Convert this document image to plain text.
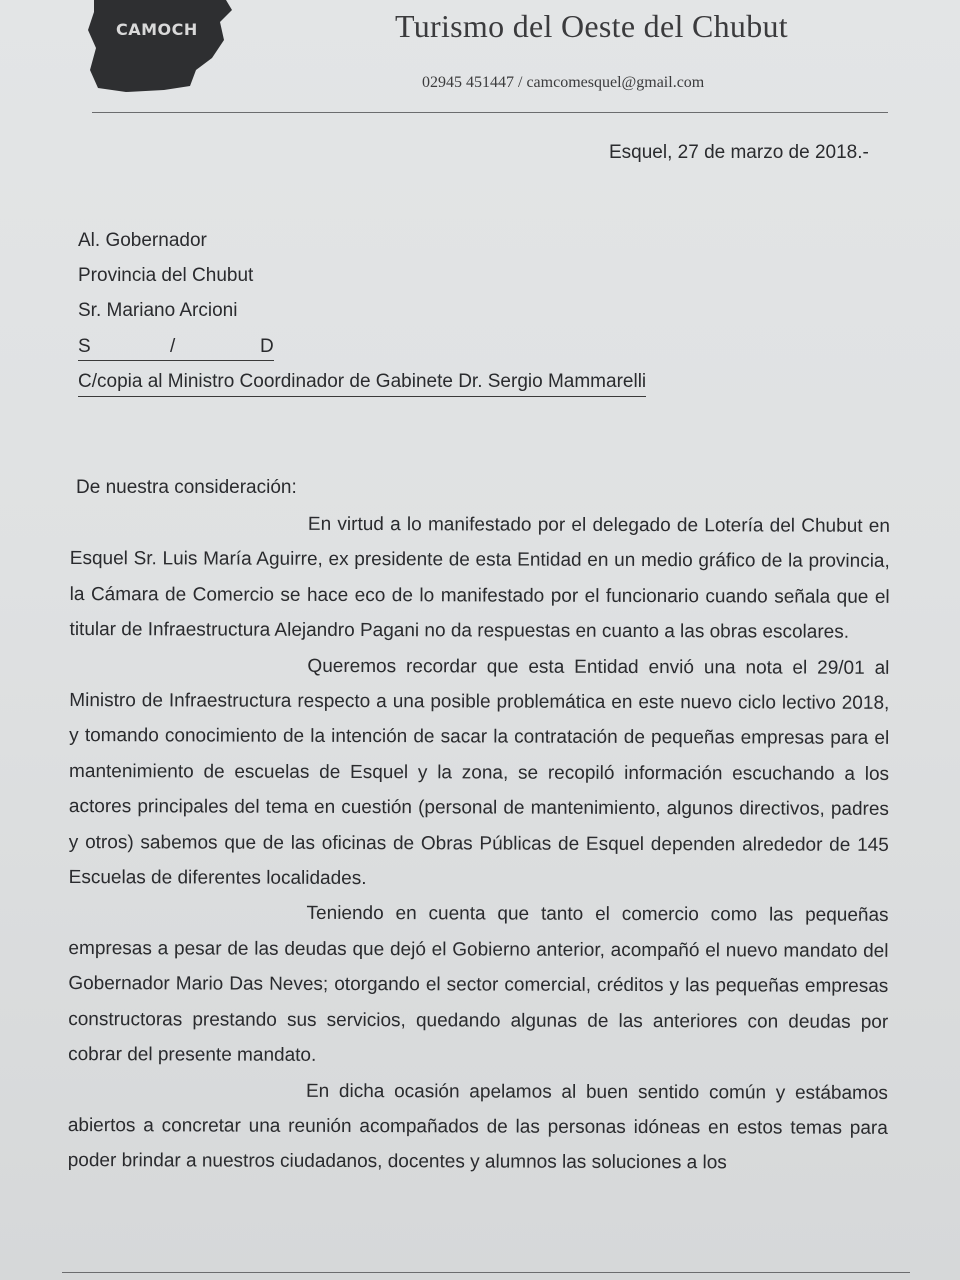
CAMOCH	Turismo del Oeste del Chubut
02945 451447 / camcomesquel@gmail.com
Esquel, 27 de marzo de 2018.-
Al. Gobernador
Provincia del Chubut
Sr. Mariano Arcioni
S	/	D
C/copia al Ministro Coordinador de Gabinete Dr. Sergio Mammarelli
De nuestra consideración:

En virtud a lo manifestado por el delegado de Lotería del Chubut en Esquel Sr. Luis María Aguirre, ex presidente de esta Entidad en un medio gráfico de la provincia, la Cámara de Comercio se hace eco de lo manifestado por el funcionario cuando señala que el titular de Infraestructura Alejandro Pagani no da respuestas en cuanto a las obras escolares.

Queremos recordar que esta Entidad envió una nota el 29/01 al Ministro de Infraestructura respecto a una posible problemática en este nuevo ciclo lectivo 2018, y tomando conocimiento de la intención de sacar la contratación de pequeñas empresas para el mantenimiento de escuelas de Esquel y la zona, se recopiló información escuchando a los actores principales del tema en cuestión (personal de mantenimiento, algunos directivos, padres y otros) sabemos que de las oficinas de Obras Públicas de Esquel dependen alrededor de 145 Escuelas de diferentes localidades.

Teniendo en cuenta que tanto el comercio como las pequeñas empresas a pesar de las deudas que dejó el Gobierno anterior, acompañó el nuevo mandato del Gobernador Mario Das Neves; otorgando el sector comercial, créditos y las pequeñas empresas constructoras prestando sus servicios, quedando algunas de las anteriores con deudas por cobrar del presente mandato.

En dicha ocasión apelamos al buen sentido común y estábamos abiertos a concretar una reunión acompañados de las personas idóneas en estos temas para poder brindar a nuestros ciudadanos, docentes y alumnos las soluciones a los
